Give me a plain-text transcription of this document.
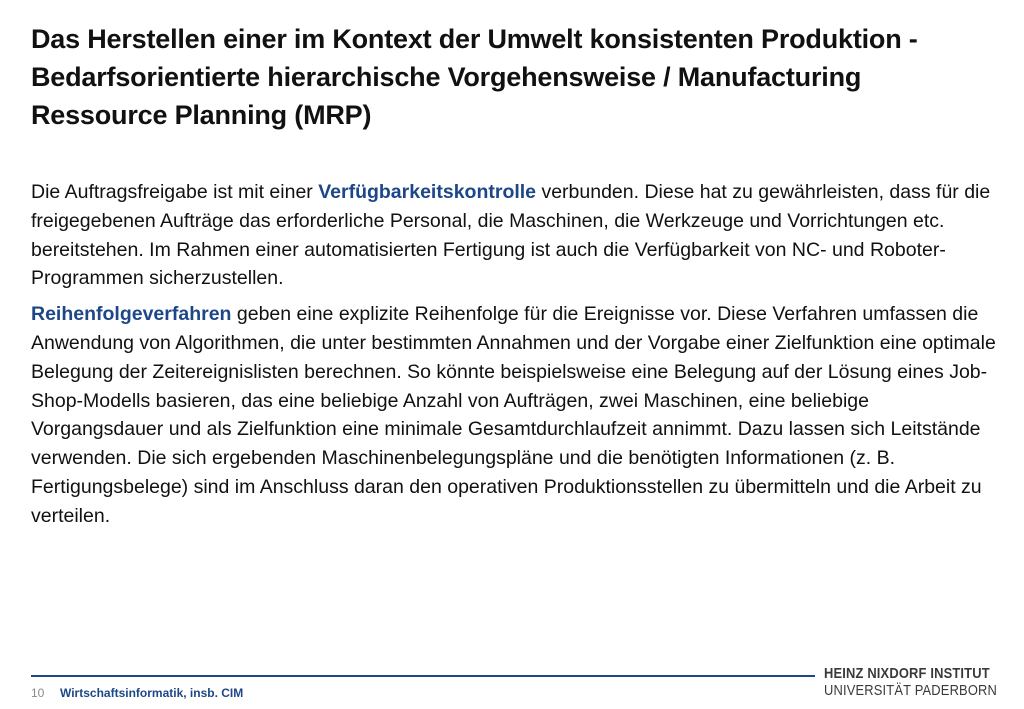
Das Herstellen einer im Kontext der Umwelt konsistenten Produktion - Bedarfsorientierte hierarchische Vorgehensweise / Manufacturing Ressource Planning (MRP)

Die Auftragsfreigabe ist mit einer Verfügbarkeitskontrolle verbunden. Diese hat zu gewährleisten, dass für die freigegebenen Aufträge das erforderliche Personal, die Maschinen, die Werkzeuge und Vorrichtungen etc. bereitstehen. Im Rahmen einer automatisierten Fertigung ist auch die Verfügbarkeit von NC- und Roboter-Programmen sicherzustellen.

Reihenfolgeverfahren geben eine explizite Reihenfolge für die Ereignisse vor. Diese Verfahren umfassen die Anwendung von Algorithmen, die unter bestimmten Annahmen und der Vorgabe einer Zielfunktion eine optimale Belegung der Zeitereignislisten berechnen. So könnte beispielsweise eine Belegung auf der Lösung eines Job-Shop-Modells basieren, das eine beliebige Anzahl von Aufträgen, zwei Maschinen, eine beliebige Vorgangsdauer und als Zielfunktion eine minimale Gesamtdurchlaufzeit annimmt. Dazu lassen sich Leitstände verwenden. Die sich ergebenden Maschinenbelegungspläne und die benötigten Informationen (z. B. Fertigungsbelege) sind im Anschluss daran den operativen Produktionsstellen zu übermitteln und die Arbeit zu verteilen.

10 Wirtschaftsinformatik, insb. CIM
HEINZ NIXDORF INSTITUT
UNIVERSITÄT PADERBORN
